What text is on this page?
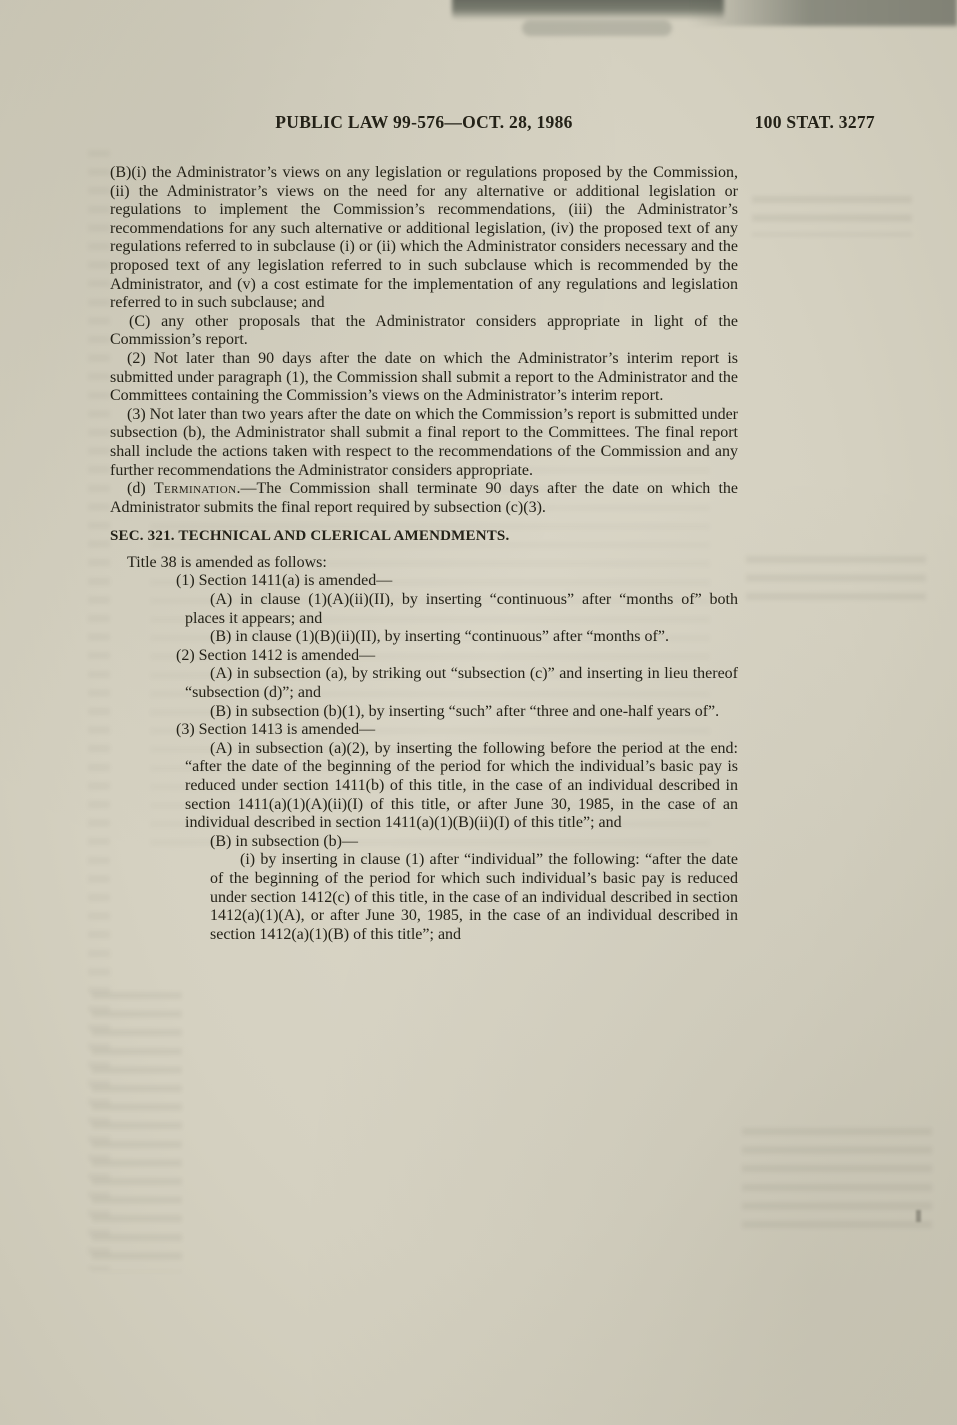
PUBLIC LAW 99-576—OCT. 28, 1986	100 STAT. 3277

(B)(i) the Administrator’s views on any legislation or regulations proposed by the Commission, (ii) the Administrator’s views on the need for any alternative or additional legislation or regulations to implement the Commission’s recommendations, (iii) the Administrator’s recommendations for any such alternative or additional legislation, (iv) the proposed text of any regulations referred to in subclause (i) or (ii) which the Administrator considers necessary and the proposed text of any legislation referred to in such subclause which is recommended by the Administrator, and (v) a cost estimate for the implementation of any regulations and legislation referred to in such subclause; and

(C) any other proposals that the Administrator considers appropriate in light of the Commission’s report.

(2) Not later than 90 days after the date on which the Administrator’s interim report is submitted under paragraph (1), the Commission shall submit a report to the Administrator and the Committees containing the Commission’s views on the Administrator’s interim report.

(3) Not later than two years after the date on which the Commission’s report is submitted under subsection (b), the Administrator shall submit a final report to the Committees. The final report shall include the actions taken with respect to the recommendations of the Commission and any further recommendations the Administrator considers appropriate.

(d) Termination.—The Commission shall terminate 90 days after the date on which the Administrator submits the final report required by subsection (c)(3).

SEC. 321. TECHNICAL AND CLERICAL AMENDMENTS.

Title 38 is amended as follows:

(1) Section 1411(a) is amended—

(A) in clause (1)(A)(ii)(II), by inserting “continuous” after “months of” both places it appears; and

(B) in clause (1)(B)(ii)(II), by inserting “continuous” after “months of”.

(2) Section 1412 is amended—

(A) in subsection (a), by striking out “subsection (c)” and inserting in lieu thereof “subsection (d)”; and

(B) in subsection (b)(1), by inserting “such” after “three and one-half years of”.

(3) Section 1413 is amended—

(A) in subsection (a)(2), by inserting the following before the period at the end: “after the date of the beginning of the period for which the individual’s basic pay is reduced under section 1411(b) of this title, in the case of an individual described in section 1411(a)(1)(A)(ii)(I) of this title, or after June 30, 1985, in the case of an individual described in section 1411(a)(1)(B)(ii)(I) of this title”; and

(B) in subsection (b)—

(i) by inserting in clause (1) after “individual” the following: “after the date of the beginning of the period for which such individual’s basic pay is reduced under section 1412(c) of this title, in the case of an individual described in section 1412(a)(1)(A), or after June 30, 1985, in the case of an individual described in section 1412(a)(1)(B) of this title”; and
